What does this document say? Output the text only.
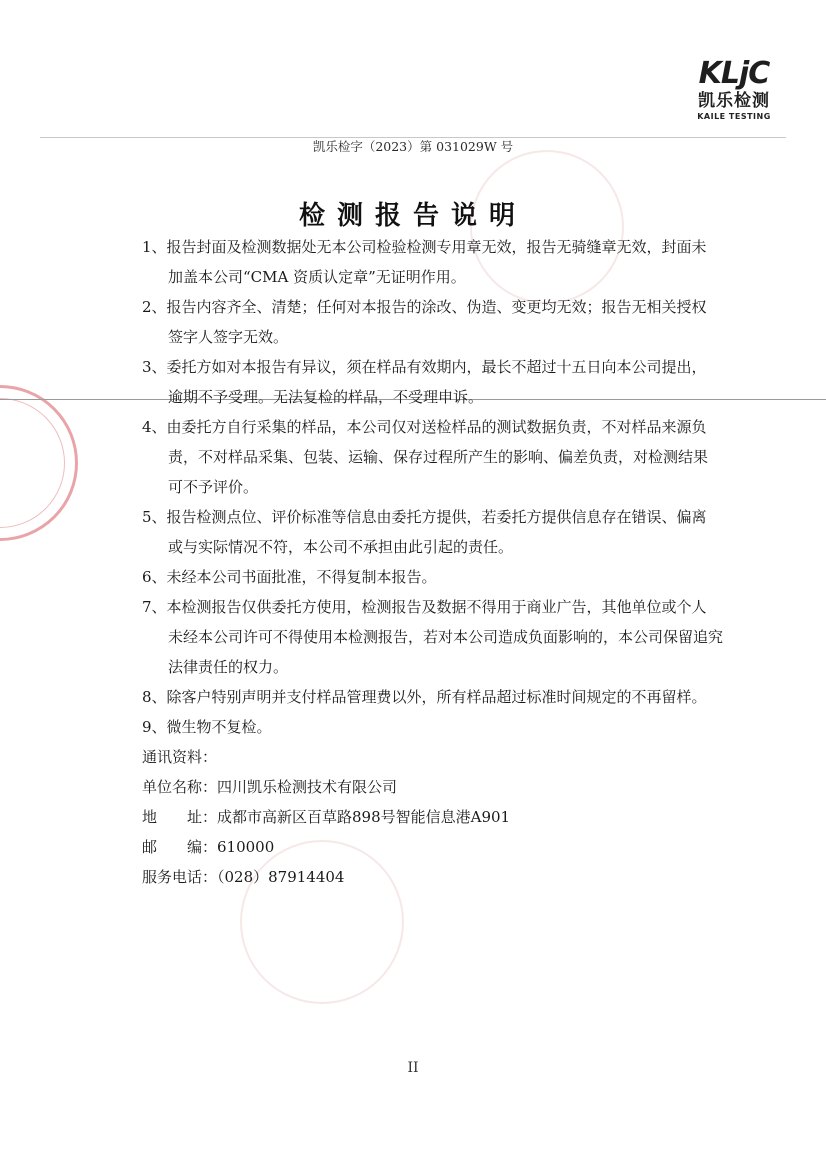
KLjC
凯乐检测
KAILE TESTING
凯乐检字（2023）第 031029W 号
检测报告说明
1、报告封面及检测数据处无本公司检验检测专用章无效，报告无骑缝章无效，封面未
加盖本公司“CMA 资质认定章”无证明作用。
2、报告内容齐全、清楚；任何对本报告的涂改、伪造、变更均无效；报告无相关授权
签字人签字无效。
3、委托方如对本报告有异议，须在样品有效期内，最长不超过十五日向本公司提出，
逾期不予受理。无法复检的样品，不受理申诉。
4、由委托方自行采集的样品，本公司仅对送检样品的测试数据负责，不对样品来源负
责，不对样品采集、包装、运输、保存过程所产生的影响、偏差负责，对检测结果
可不予评价。
5、报告检测点位、评价标准等信息由委托方提供，若委托方提供信息存在错误、偏离
或与实际情况不符，本公司不承担由此引起的责任。
6、未经本公司书面批准，不得复制本报告。
7、本检测报告仅供委托方使用，检测报告及数据不得用于商业广告，其他单位或个人
未经本公司许可不得使用本检测报告，若对本公司造成负面影响的，本公司保留追究
法律责任的权力。
8、除客户特别声明并支付样品管理费以外，所有样品超过标准时间规定的不再留样。
9、微生物不复检。
通讯资料：
单位名称：四川凯乐检测技术有限公司
地　　址：成都市高新区百草路898号智能信息港A901
邮　　编：610000
服务电话：（028）87914404
II
